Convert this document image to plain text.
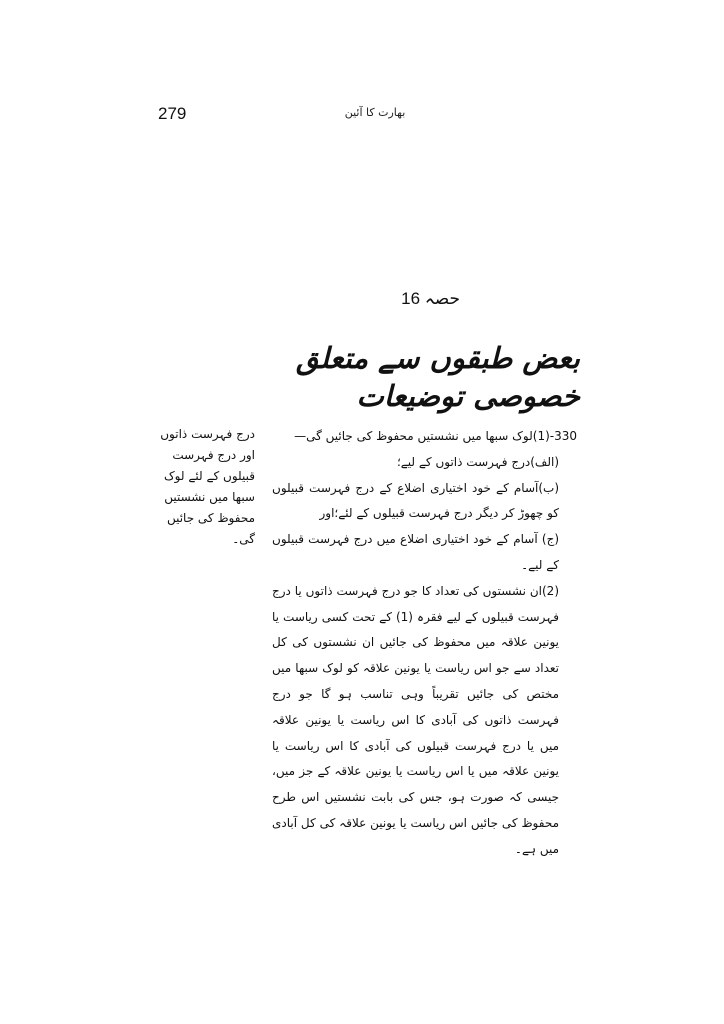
279	بھارت کا آئین
حصہ 16
بعض طبقوں سے متعلق خصوصی توضیعات
درج فہرست ذاتوں اور درج فہرست قبیلوں کے لئے لوک سبھا میں نشستیں محفوظ کی جائیں گی۔

330-(1)لوک سبھا میں نشستیں محفوظ کی جائیں گی—

(الف)درج فہرست ذاتوں کے لیے؛

(ب)آسام کے خود اختیاری اضلاع کے درج فہرست قبیلوں کو چھوڑ کر دیگر درج فہرست قبیلوں کے لئے؛اور

(ج) آسام کے خود اختیاری اضلاع میں درج فہرست قبیلوں کے لیے۔

(2)ان نشستوں کی تعداد کا جو درج فہرست ذاتوں یا درج فہرست قبیلوں کے لیے فقرہ (1) کے تحت کسی ریاست یا یونین علاقہ میں محفوظ کی جائیں ان نشستوں کی کل تعداد سے جو اس ریاست یا یونین علاقہ کو لوک سبھا میں مختص کی جائیں تقریباً وہی تناسب ہو گا جو درج فہرست ذاتوں کی آبادی کا اس ریاست یا یونین علاقہ میں یا درج فہرست قبیلوں کی آبادی کا اس ریاست یا یونین علاقہ میں یا اس ریاست یا یونین علاقہ کے جز میں، جیسی کہ صورت ہو، جس کی بابت نشستیں اس طرح محفوظ کی جائیں اس ریاست یا یونین علاقہ کی کل آبادی میں ہے۔
